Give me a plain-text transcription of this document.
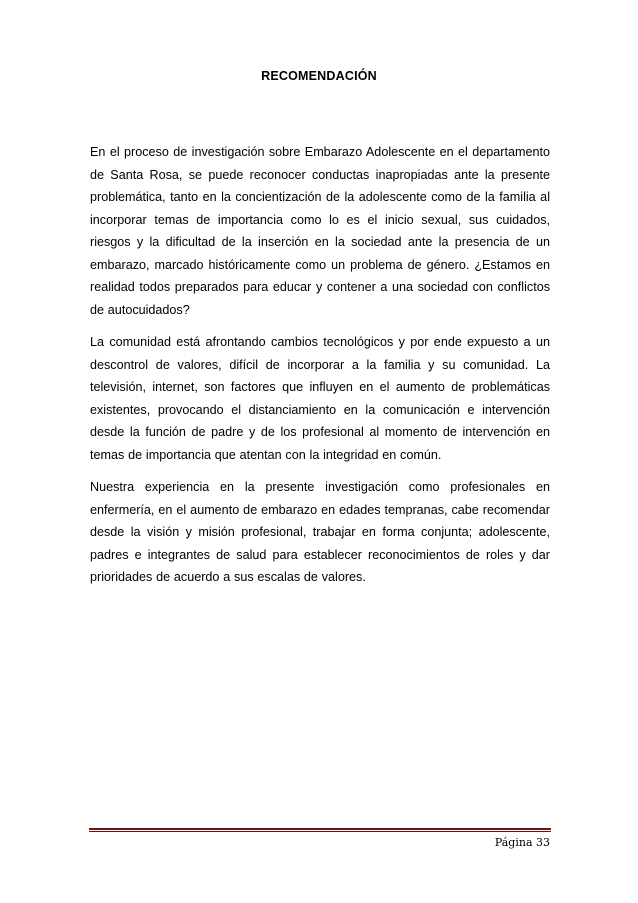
RECOMENDACIÓN

En el proceso de investigación sobre Embarazo Adolescente en el departamento de Santa Rosa, se puede reconocer conductas inapropiadas ante la presente problemática, tanto en la concientización de la adolescente como de la familia al incorporar temas de importancia como lo es el inicio sexual, sus cuidados, riesgos y la dificultad de la inserción en la sociedad ante la presencia de un embarazo, marcado históricamente como un problema de género. ¿Estamos en realidad todos preparados para educar y contener a una sociedad con conflictos de autocuidados?

La comunidad está afrontando cambios tecnológicos y por ende expuesto a un descontrol de valores, difícil de incorporar a la familia y su comunidad. La televisión, internet, son factores que influyen en el aumento de problemáticas existentes, provocando el distanciamiento en la comunicación e intervención desde la función de padre y de los profesional al momento de intervención en temas de importancia que atentan con la integridad en común.

Nuestra experiencia en la presente investigación como profesionales en enfermería, en el aumento de embarazo en edades tempranas, cabe recomendar desde la visión y misión profesional, trabajar en forma conjunta; adolescente, padres e integrantes de salud para establecer reconocimientos de roles y dar prioridades de acuerdo a sus escalas de valores.

Página 33
